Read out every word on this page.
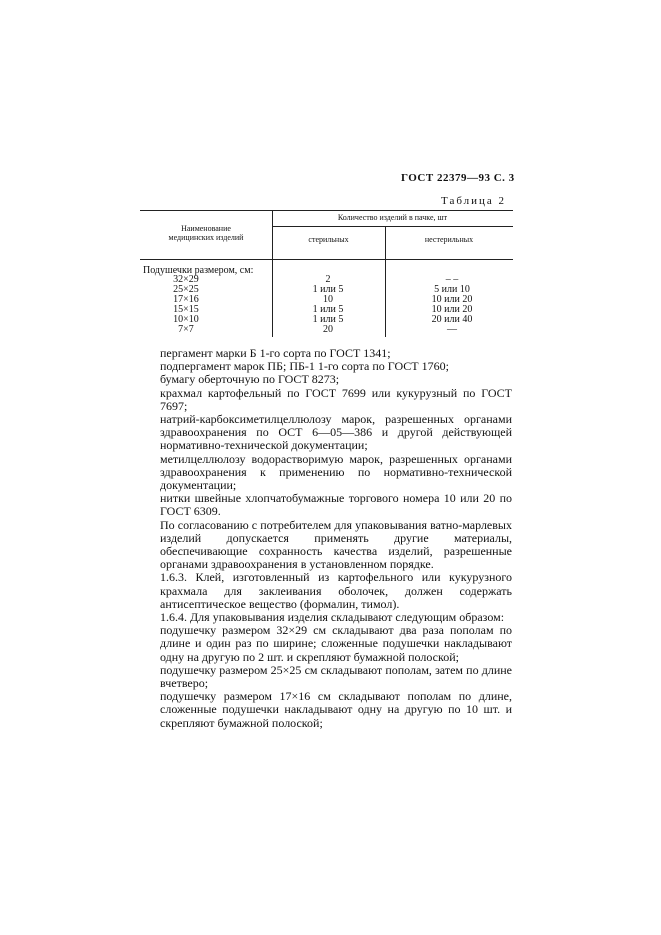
ГОСТ 22379—93 С. 3
Таблица 2
Наименование
медицинских изделий
Количество изделий в пачке, шт
стерильных	нестерильных
Подушечки размером, см:
32×29	2	– –
25×25	1 или 5	5 или 10
17×16	10	10 или 20
15×15	1 или 5	10 или 20
10×10	1 или 5	20 или 40
7×7	20	—

пергамент марки Б 1-го сорта по ГОСТ 1341;

подпергамент марок ПБ; ПБ-1 1-го сорта по ГОСТ 1760;

бумагу оберточную по ГОСТ 8273;

крахмал картофельный по ГОСТ 7699 или кукурузный по ГОСТ 7697;

натрий-карбоксиметилцеллюлозу марок, разрешенных органами здравоохранения по ОСТ 6—05—386 и другой действующей нормативно-технической документации;

метилцеллюлозу водорастворимую марок, разрешенных органами здравоохранения к применению по нормативно-технической документации;

нитки швейные хлопчатобумажные торгового номера 10 или 20 по ГОСТ 6309.

По согласованию с потребителем для упаковывания ватно-марлевых изделий допускается применять другие материалы, обеспечивающие сохранность качества изделий, разрешенные органами здравоохранения в установленном порядке.

1.6.3. Клей, изготовленный из картофельного или кукурузного крахмала для заклеивания оболочек, должен содержать антисептическое вещество (формалин, тимол).

1.6.4. Для упаковывания изделия складывают следующим образом:

подушечку размером 32×29 см складывают два раза пополам по длине и один раз по ширине; сложенные подушечки накладывают одну на другую по 2 шт. и скрепляют бумажной полоской;

подушечку размером 25×25 см складывают пополам, затем по длине вчетверо;

подушечку размером 17×16 см складывают пополам по длине, сложенные подушечки накладывают одну на другую по 10 шт. и скрепляют бумажной полоской;
